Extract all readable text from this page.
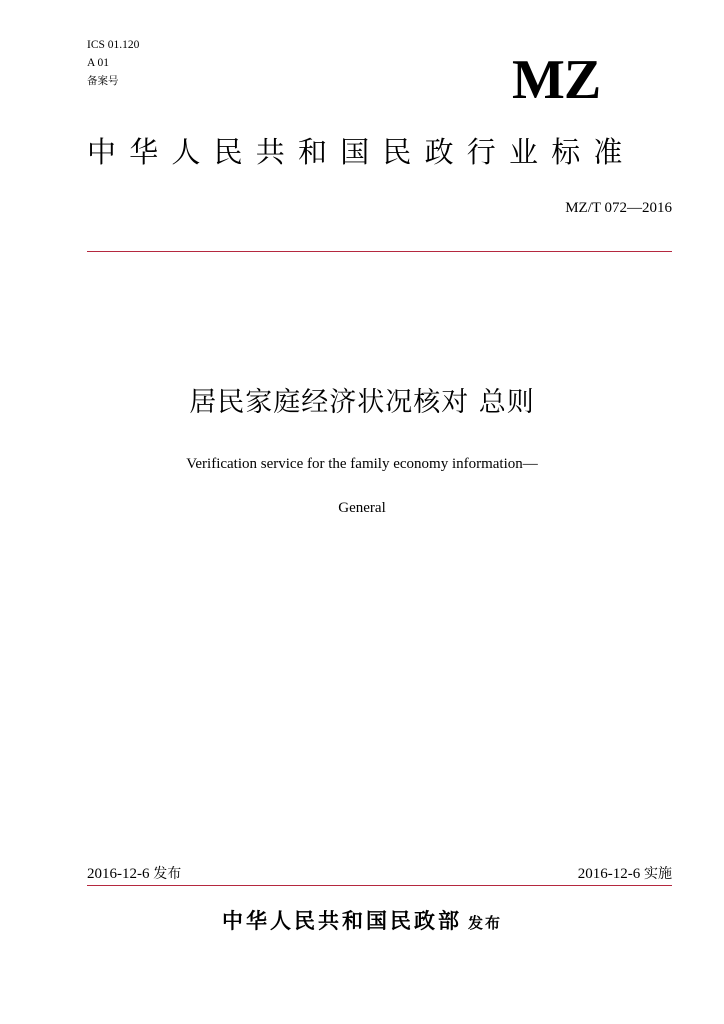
ICS 01.120
A 01
备案号	MZ
中华人民共和国民政行业标准
MZ/T 072—2016
居民家庭经济状况核对 总则
Verification service for the family economy information—
General
2016-12-6 发布	2016-12-6 实施
中华人民共和国民政部 发布
